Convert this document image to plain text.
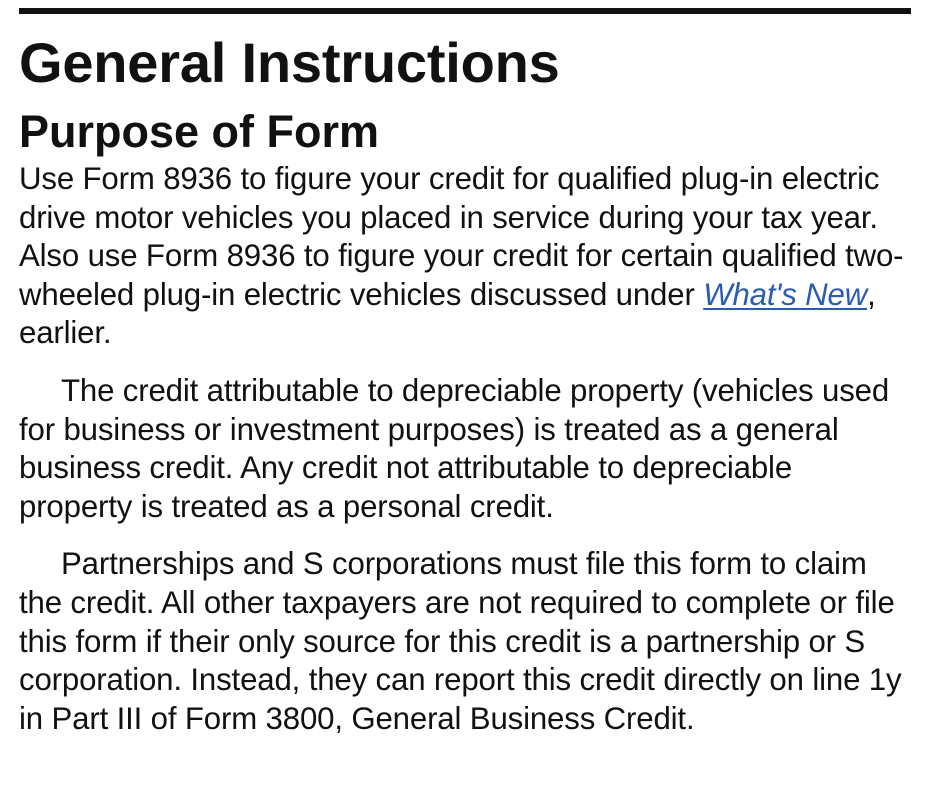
General Instructions
Purpose of Form

Use Form 8936 to figure your credit for qualified plug-in electric drive motor vehicles you placed in service during your tax year. Also use Form 8936 to figure your credit for certain qualified two-wheeled plug-in electric vehicles discussed under What's New, earlier.

The credit attributable to depreciable property (vehicles used for business or investment purposes) is treated as a general business credit. Any credit not attributable to depreciable property is treated as a personal credit.

Partnerships and S corporations must file this form to claim the credit. All other taxpayers are not required to complete or file this form if their only source for this credit is a partnership or S corporation. Instead, they can report this credit directly on line 1y in Part III of Form 3800, General Business Credit.
